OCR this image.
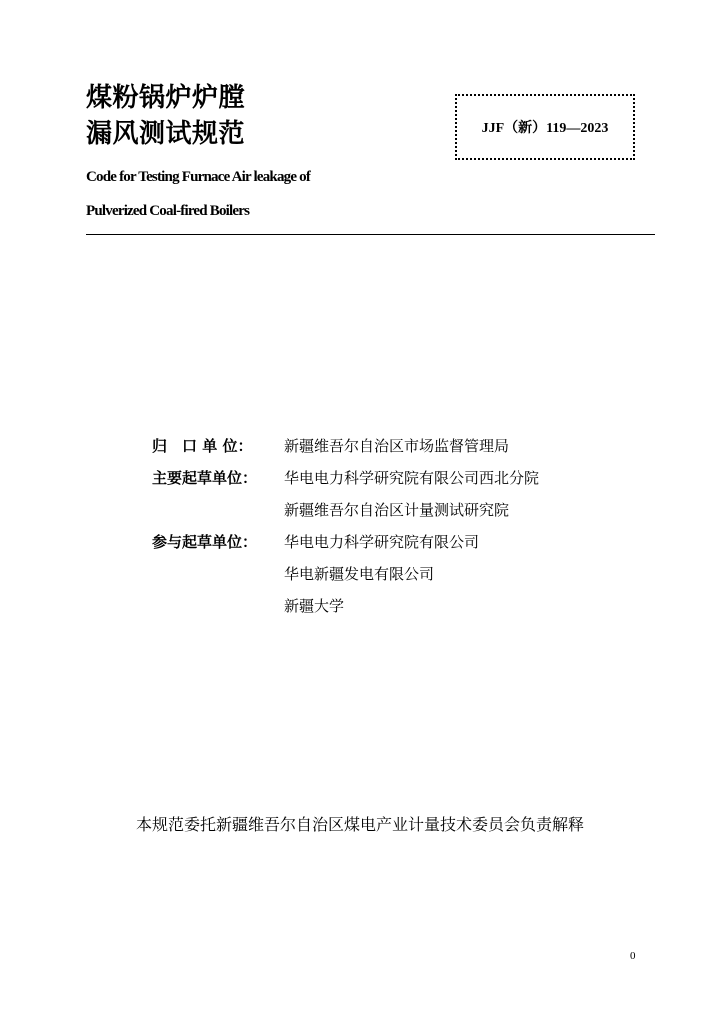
煤粉锅炉炉膛
漏风测试规范	JJF（新）119—2023
Code for Testing Furnace Air leakage of
Pulverized Coal-fired Boilers
归　口 单 位：	新疆维吾尔自治区市场监督管理局
主要起草单位：	华电电力科学研究院有限公司西北分院
新疆维吾尔自治区计量测试研究院
参与起草单位：	华电电力科学研究院有限公司
华电新疆发电有限公司
新疆大学
本规范委托新疆维吾尔自治区煤电产业计量技术委员会负责解释
0
